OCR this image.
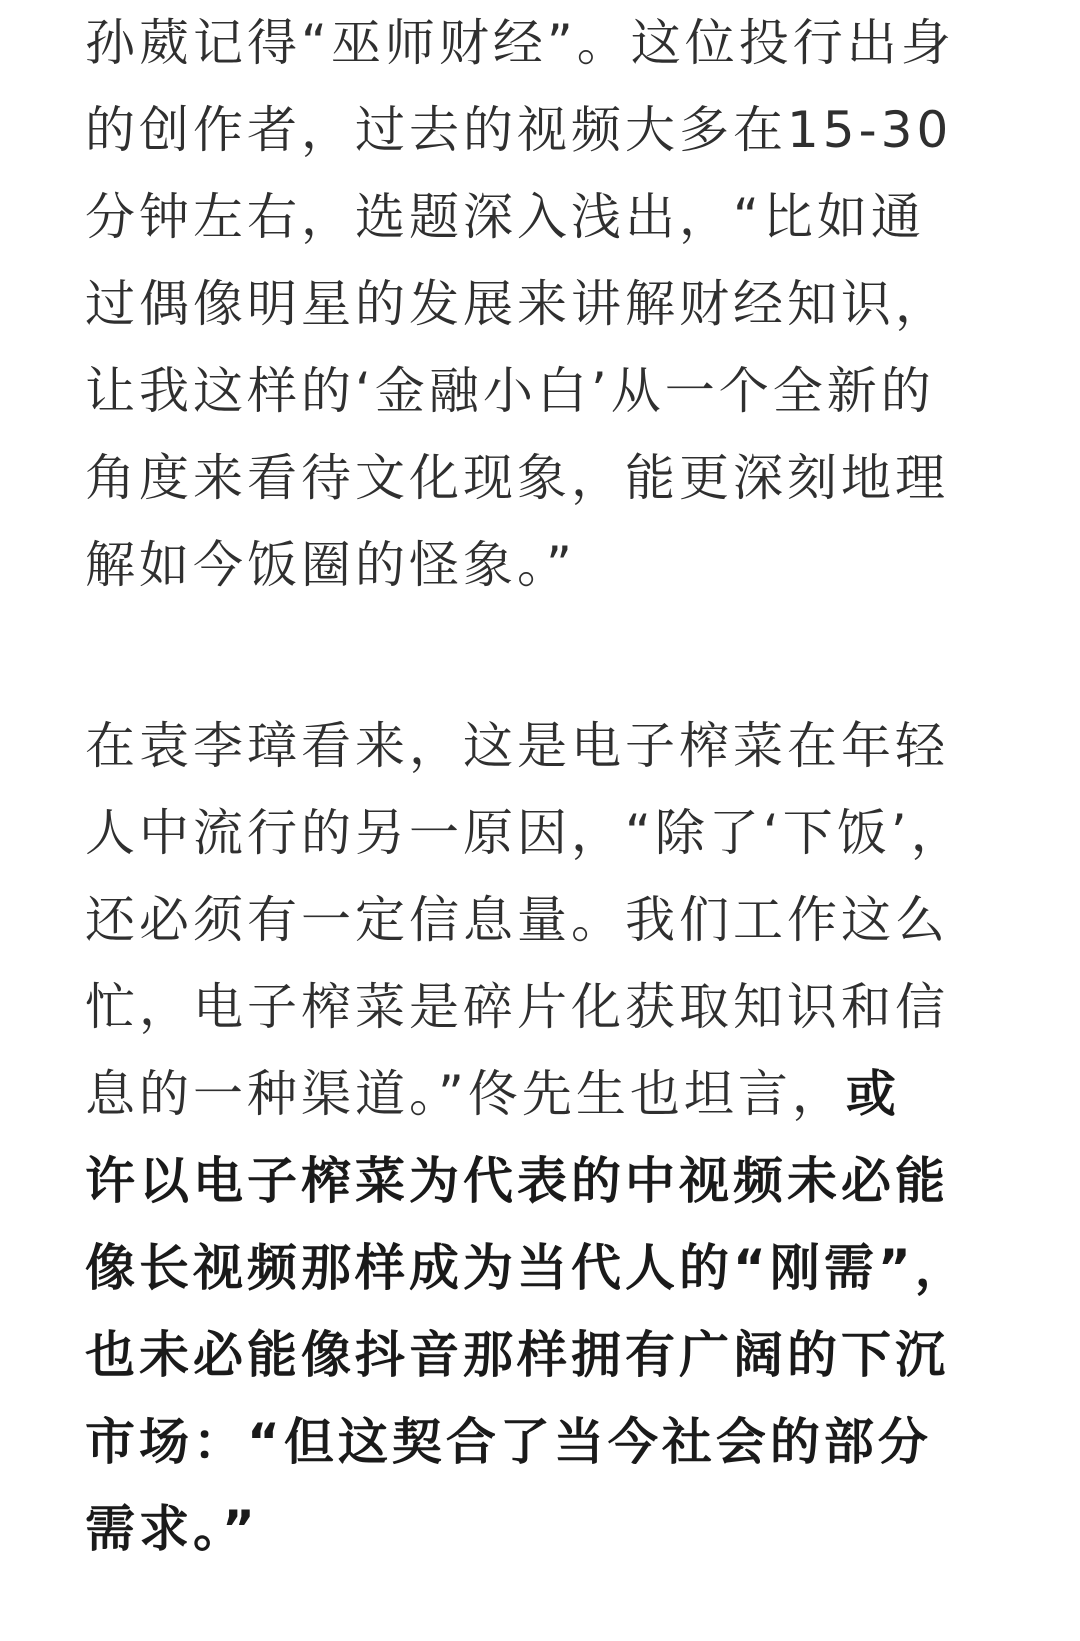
孙葳记得“巫师财经”。这位投行出身
的创作者，过去的视频大多在15-30
分钟左右，选题深入浅出，“比如通
过偶像明星的发展来讲解财经知识，
让我这样的‘金融小白’从一个全新的
角度来看待文化现象，能更深刻地理
解如今饭圈的怪象。”

在袁李璋看来，这是电子榨菜在年轻
人中流行的另一原因，“除了‘下饭’，
还必须有一定信息量。我们工作这么
忙，电子榨菜是碎片化获取知识和信
息的一种渠道。”佟先生也坦言，或
许以电子榨菜为代表的中视频未必能
像长视频那样成为当代人的“刚需”，
也未必能像抖音那样拥有广阔的下沉
市场：“但这契合了当今社会的部分
需求。”
